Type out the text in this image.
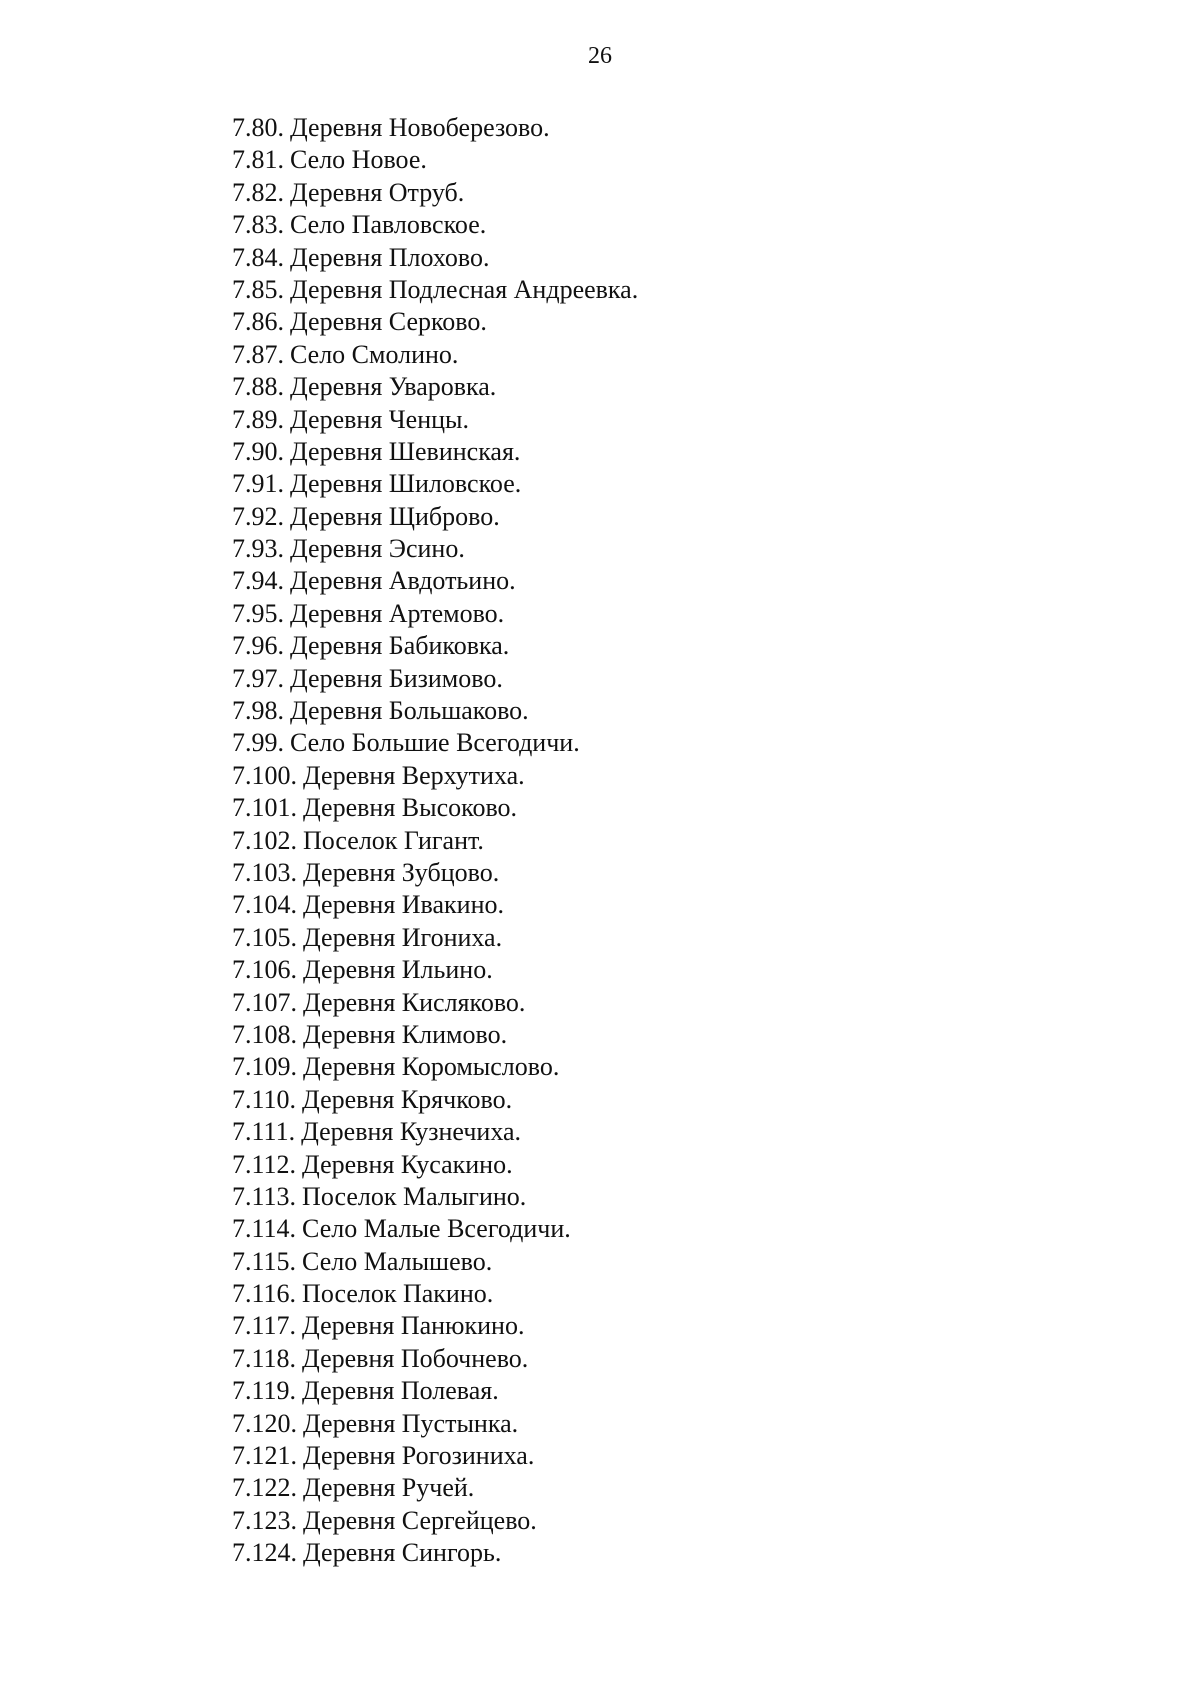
26
7.80. Деревня Новоберезово.
7.81. Село Новое.
7.82. Деревня Отруб.
7.83. Село Павловское.
7.84. Деревня Плохово.
7.85. Деревня Подлесная Андреевка.
7.86. Деревня Серково.
7.87. Село Смолино.
7.88. Деревня Уваровка.
7.89. Деревня Ченцы.
7.90. Деревня Шевинская.
7.91. Деревня Шиловское.
7.92. Деревня Щиброво.
7.93. Деревня Эсино.
7.94. Деревня Авдотьино.
7.95. Деревня Артемово.
7.96. Деревня Бабиковка.
7.97. Деревня Бизимово.
7.98. Деревня Большаково.
7.99. Село Большие Всегодичи.
7.100. Деревня Верхутиха.
7.101. Деревня Высоково.
7.102. Поселок Гигант.
7.103. Деревня Зубцово.
7.104. Деревня Ивакино.
7.105. Деревня Игониха.
7.106. Деревня Ильино.
7.107. Деревня Кисляково.
7.108. Деревня Климово.
7.109. Деревня Коромыслово.
7.110. Деревня Крячково.
7.111. Деревня Кузнечиха.
7.112. Деревня Кусакино.
7.113. Поселок Малыгино.
7.114. Село Малые Всегодичи.
7.115. Село Малышево.
7.116. Поселок Пакино.
7.117. Деревня Панюкино.
7.118. Деревня Побочнево.
7.119. Деревня Полевая.
7.120. Деревня Пустынка.
7.121. Деревня Рогозиниха.
7.122. Деревня Ручей.
7.123. Деревня Сергейцево.
7.124. Деревня Сингорь.
